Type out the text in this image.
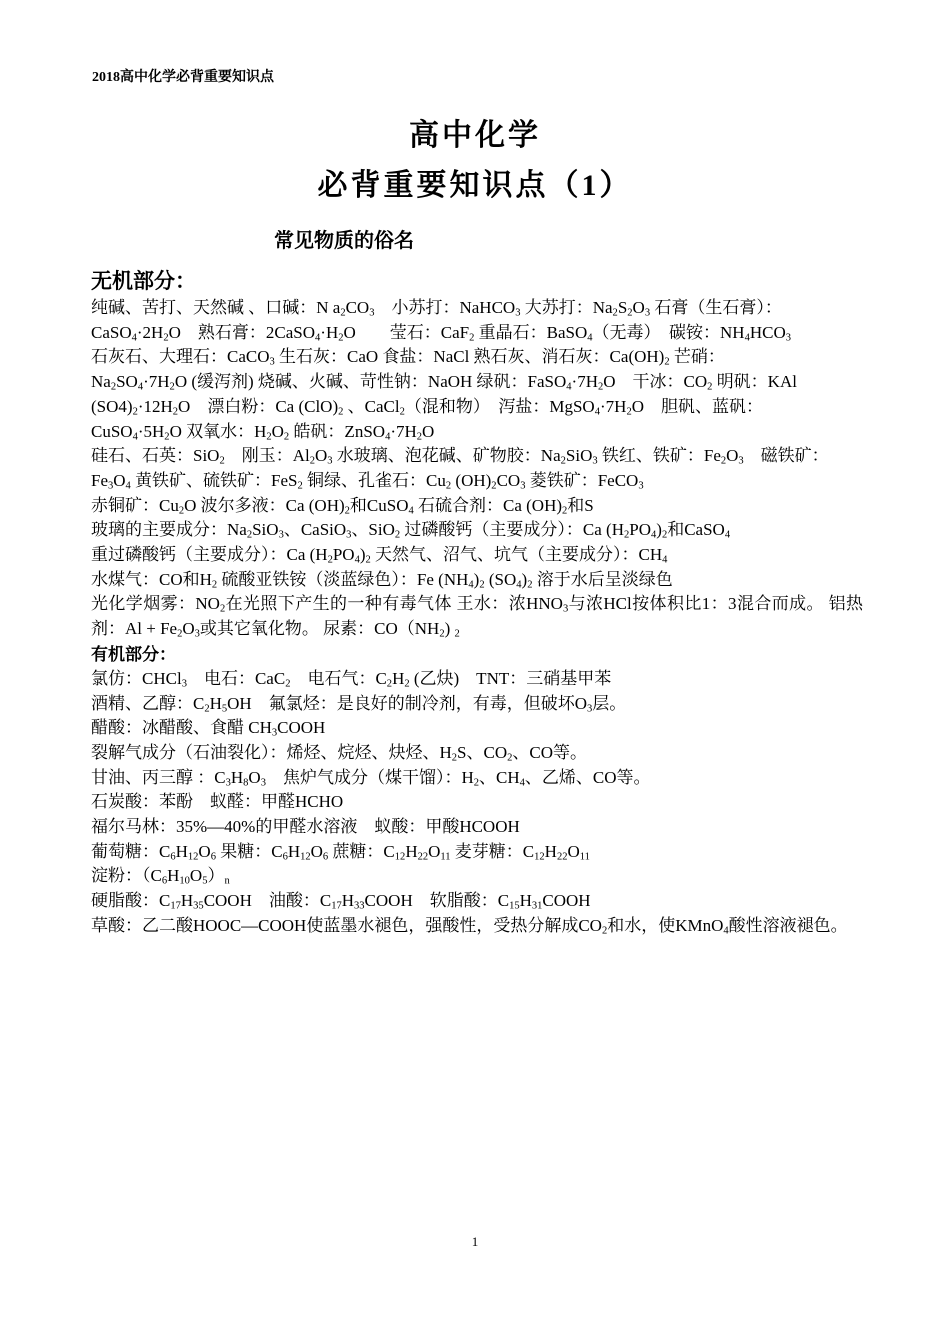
2018高中化学必背重要知识点
高中化学
必背重要知识点（1）
常见物质的俗名
无机部分：
纯碱、苦打、天然碱 、口碱：N $a_2CO_3$　小苏打：NaHCO$_3$ 大苏打：$Na_2S_2O_3$ 石膏（生石膏）：
$CaSO_4\cdot 2H_2O$　熟石膏：$2CaSO_4\cdot H_2O$　　莹石：CaF$_2$ 重晶石：BaSO$_4$（无毒）　碳铵：$NH_4HCO_3$
石灰石、大理石：CaCO$_3$ 生石灰：CaO 食盐：NaCl 熟石灰、消石灰：$Ca(OH)_2$ 芒硝：
$Na_2SO_4\cdot 7H_2O$ (缓泻剂) 烧碱、火碱、苛性钠：NaOH 绿矾：$FaSO_4\cdot 7H_2O$　干冰：$CO_2$ 明矾：KAl
$(SO4)_2\cdot 12H_2O$　漂白粉：Ca $(ClO)_2$ 、CaCl$_2$（混和物）　泻盐：$MgSO_4\cdot 7H_2O$　胆矾、蓝矾：
$CuSO_4\cdot 5H_2O$ 双氧水：$H_2O_2$ 皓矾：$ZnSO_4\cdot 7H_2O$
硅石、石英：SiO$_2$　刚玉：$Al_2O_3$ 水玻璃、泡花碱、矿物胶：$Na_2SiO_3$ 铁红、铁矿：$Fe_2O_3$　磁铁矿：
$Fe_3O_4$ 黄铁矿、硫铁矿：FeS$_2$ 铜绿、孔雀石：$Cu_2$ $(OH)_2CO_3$ 菱铁矿：FeCO$_3$
赤铜矿：$Cu_2O$ 波尔多液：Ca $(OH)_2$和CuSO$_4$ 石硫合剂：Ca $(OH)_2$和S
玻璃的主要成分：$Na_2SiO_3$、CaSiO$_3$、SiO$_2$ 过磷酸钙（主要成分）：Ca $(H_2PO_4)_2$和CaSO$_4$
重过磷酸钙（主要成分）：Ca $(H_2PO_4)_2$ 天然气、沼气、坑气（主要成分）：$CH_4$
水煤气：CO和$H_2$ 硫酸亚铁铵（淡蓝绿色）：Fe $(NH_4)_2$ $(SO_4)_2$ 溶于水后呈淡绿色
光化学烟雾：$NO_2$在光照下产生的一种有毒气体 王水：浓$HNO_3$与浓HCl按体积比1：3混合而成。 铝热剂：$Al + Fe_2O_3$或其它氧化物。 尿素：$CO(NH_2)$ $_2$
有机部分：
氯仿：CHCl$_3$　电石：CaC$_2$　电石气：$C_2H_2$ (乙炔)　TNT：三硝基甲苯
酒精、乙醇：$C_2H_5OH$　氟氯烃：是良好的制冷剂，有毒，但破坏$O_3$层。
醋酸：冰醋酸、食醋 $CH_3COOH$
裂解气成分（石油裂化）：烯烃、烷烃、炔烃、$H_2S$、$CO_2$、CO等。
甘油、丙三醇 ：$C_3H_8O_3$　焦炉气成分（煤干馏）：$H_2$、$CH_4$、乙烯、CO等。
石炭酸：苯酚　蚁醛：甲醛HCHO
福尔马林：35%—40%的甲醛水溶液　蚁酸：甲酸HCOOH
葡萄糖：$C_6H_{12}O_6$ 果糖：$C_6H_{12}O_6$ 蔗糖：$C_{12}H_{22}O_{11}$ 麦芽糖：$C_{12}H_{22}O_{11}$
淀粉：$(C_6H_{10}O_5)_n$
硬脂酸：$C_{17}H_{35}COOH$　油酸：$C_{17}H_{33}COOH$　软脂酸：$C_{15}H_{31}COOH$
草酸：乙二酸HOOC—COOH使蓝墨水褪色，强酸性，受热分解成$CO_2$和水，使KMnO$_4$酸性溶液褪色。
1
